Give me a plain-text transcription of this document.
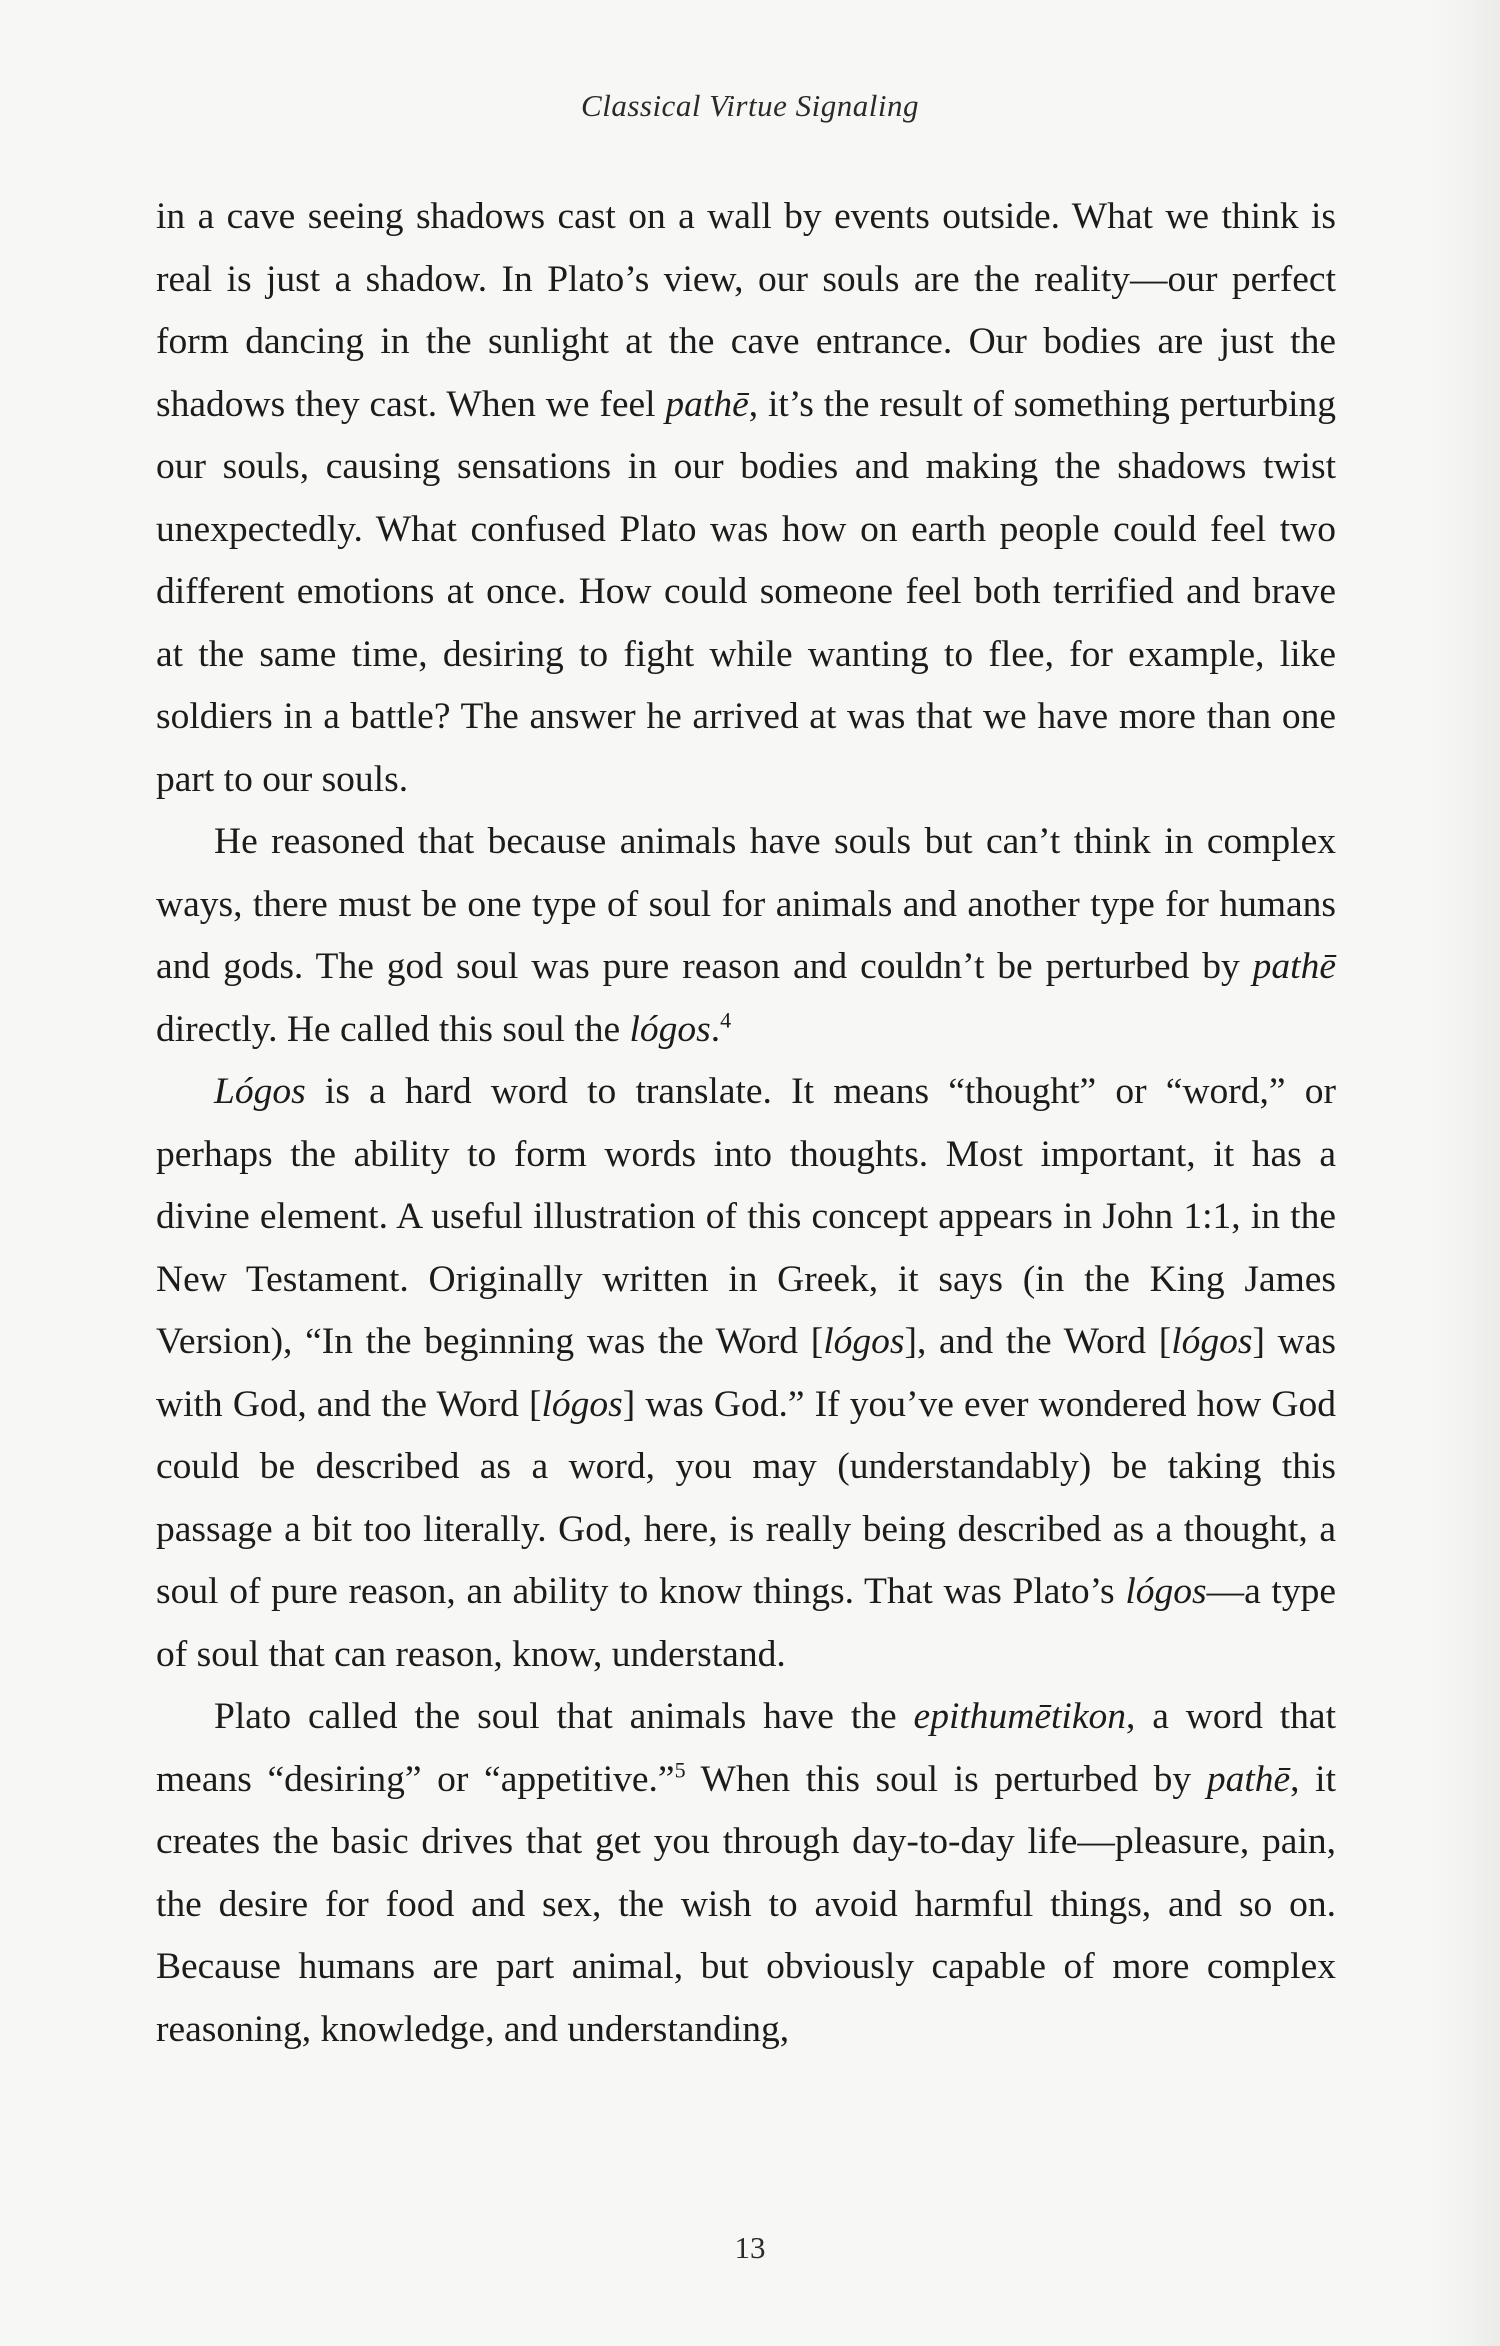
Classical Virtue Signaling

in a cave seeing shadows cast on a wall by events outside. What we think is real is just a shadow. In Plato’s view, our souls are the reality—our perfect form dancing in the sunlight at the cave entrance. Our bodies are just the shadows they cast. When we feel pathē, it’s the result of something perturbing our souls, causing sensations in our bodies and making the shadows twist unexpectedly. What confused Plato was how on earth people could feel two different emotions at once. How could someone feel both terrified and brave at the same time, desiring to fight while wanting to flee, for example, like soldiers in a battle? The answer he arrived at was that we have more than one part to our souls.

He reasoned that because animals have souls but can’t think in complex ways, there must be one type of soul for animals and another type for humans and gods. The god soul was pure reason and couldn’t be perturbed by pathē directly. He called this soul the lógos.$^4$

Lógos is a hard word to translate. It means “thought” or “word,” or perhaps the ability to form words into thoughts. Most important, it has a divine element. A useful illustration of this concept appears in John 1:1, in the New Testament. Originally written in Greek, it says (in the King James Version), “In the beginning was the Word [lógos], and the Word [lógos] was with God, and the Word [lógos] was God.” If you’ve ever wondered how God could be described as a word, you may (understandably) be taking this passage a bit too literally. God, here, is really being described as a thought, a soul of pure reason, an ability to know things. That was Plato’s lógos—a type of soul that can reason, know, understand.

Plato called the soul that animals have the epithumētikon, a word that means “desiring” or “appetitive.”$^5$ When this soul is perturbed by pathē, it creates the basic drives that get you through day-to-day life—pleasure, pain, the desire for food and sex, the wish to avoid harmful things, and so on. Because humans are part animal, but obviously capable of more complex reasoning, knowledge, and understanding,

13
